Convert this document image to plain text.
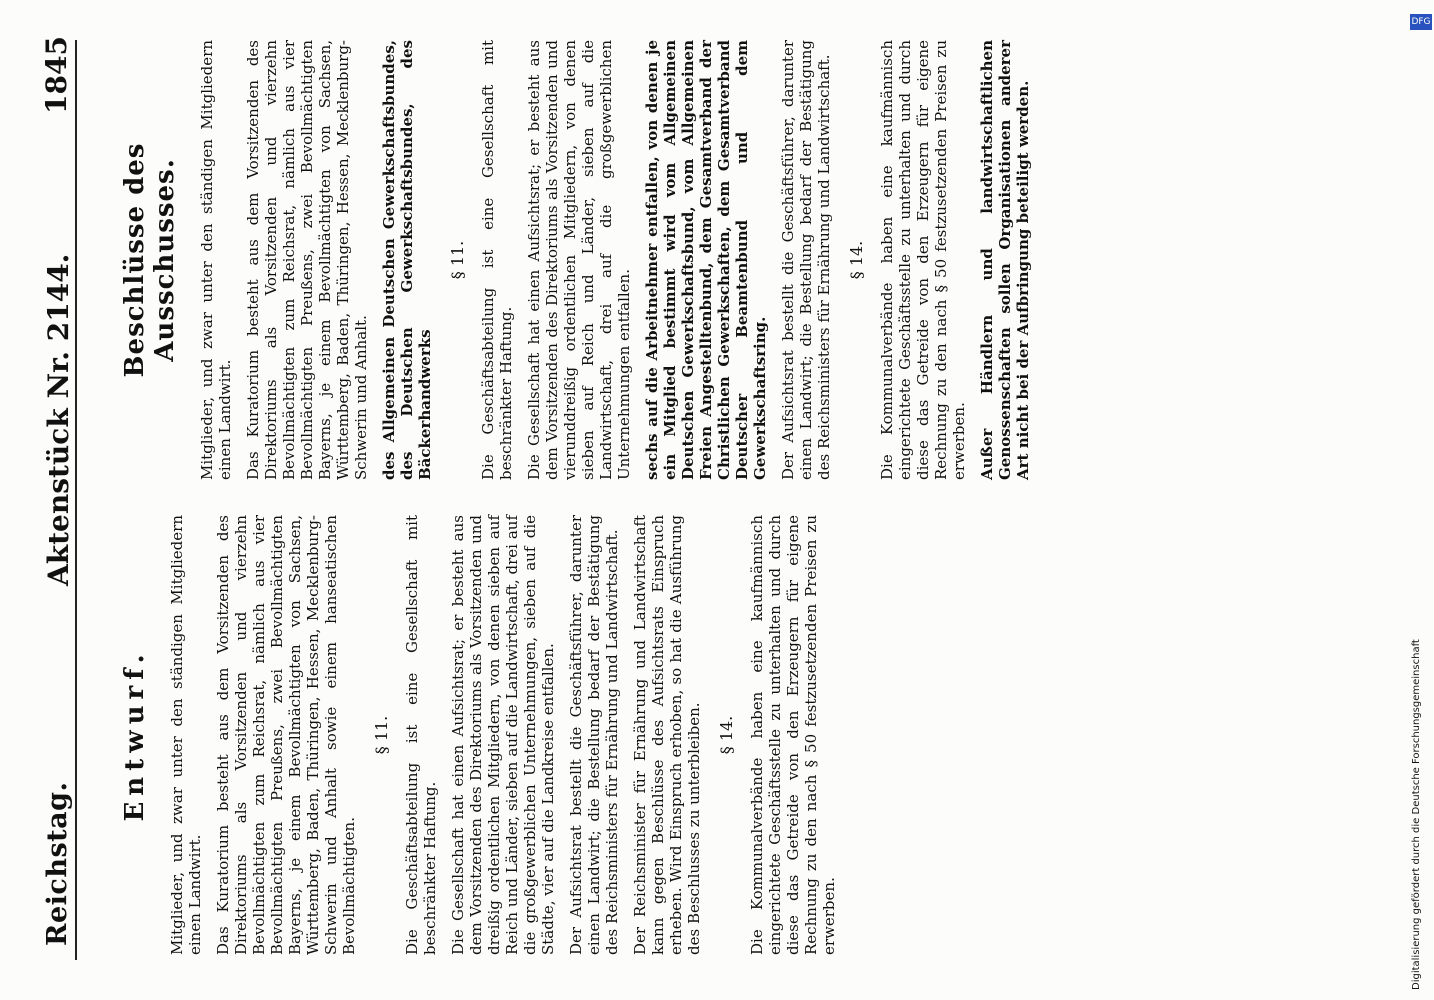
Reichstag.
Aktenstück Nr. 2144.
1845
Entwurf. Mitglieder, und zwar unter den ständigen Mitgliedern einen Landwirt. Das Kuratorium besteht aus dem Vorsitzenden des Direktoriums als Vorsitzenden und vierzehn Bevollmächtigten zum Reichsrat, nämlich aus vier Bevollmächtigten Preußens, zwei Bevollmächtigten Bayerns, je einem Bevollmächtigten von Sachsen, Württemberg, Baden, Thüringen, Hessen, Mecklenburg-Schwerin und Anhalt sowie einem hanseatischen Bevollmächtigten.
§ 11. Die Geschäftsabteilung ist eine Gesellschaft mit beschränkter Haftung. Die Gesellschaft hat einen Aufsichtsrat; er besteht aus dem Vorsitzenden des Direktoriums als Vorsitzenden und dreißig ordentlichen Mitgliedern, von denen sieben auf Reich und Länder, sieben auf die Landwirtschaft, drei auf die großgewerblichen Unternehmungen, sieben auf die Städte, vier auf die Landkreise entfallen. Der Aufsichtsrat bestellt die Geschäftsführer, darunter einen Landwirt; die Bestellung bedarf der Bestätigung des Reichsministers für Ernährung und Landwirtschaft. Der Reichsminister für Ernährung und Landwirtschaft kann gegen Beschlüsse des Aufsichtsrats Einspruch erheben. Wird Einspruch erhoben, so hat die Ausführung des Beschlusses zu unterbleiben. § 14. Die Kommunalverbände haben eine kaufmännisch eingerichtete Geschäftsstelle zu unterhalten und durch diese das Getreide von den Erzeugern für eigene Rechnung zu den nach § 50 festzusetzenden Preisen zu erwerben.
Beschlüsse des Ausschusses. Mitglieder, und zwar unter den ständigen Mitgliedern einen Landwirt. Das Kuratorium besteht aus dem Vorsitzenden des Direktoriums als Vorsitzenden und vierzehn Bevollmächtigten zum Reichsrat, nämlich aus vier Bevollmächtigten Preußens, zwei Bevollmächtigten Bayerns, je einem Bevollmächtigten von Sachsen, Württemberg, Baden, Thüringen, Hessen, Mecklenburg-Schwerin und Anhalt. des Allgemeinen Deutschen Gewerkschaftsbundes, des Deutschen Gewerkschaftsbundes, des Bäckerhandwerks
§ 11. Die Geschäftsabteilung ist eine Gesellschaft mit beschränkter Haftung. Die Gesellschaft hat einen Aufsichtsrat; er besteht aus dem Vorsitzenden des Direktoriums als Vorsitzenden und vierunddreißig ordentlichen Mitgliedern, von denen sieben auf Reich und Länder, sieben auf die Landwirtschaft, drei auf die großgewerblichen Unternehmungen entfallen. sechs auf die Arbeitnehmer entfallen, von denen je ein Mitglied bestimmt wird vom Allgemeinen Deutschen Gewerkschaftsbund, vom Allgemeinen Freien Angestelltenbund, dem Gesamtverband der Christlichen Gewerkschaften, dem Gesamtverband Deutscher Beamtenbund und dem Gewerkschaftsring. Der Aufsichtsrat bestellt die Geschäftsführer, darunter einen Landwirt; die Bestellung bedarf der Bestätigung des Reichsministers für Ernährung und Landwirtschaft. § 14. Die Kommunalverbände haben eine kaufmännisch eingerichtete Geschäftsstelle zu unterhalten und durch diese das Getreide von den Erzeugern für eigene Rechnung zu den nach § 50 festzusetzenden Preisen zu erwerben. Außer Händlern und landwirtschaftlichen Genossenschaften sollen Organisationen anderer Art nicht bei der Aufbringung beteiligt werden.
DFG
Digitalisierung gefördert durch die Deutsche Forschungsgemeinschaft
